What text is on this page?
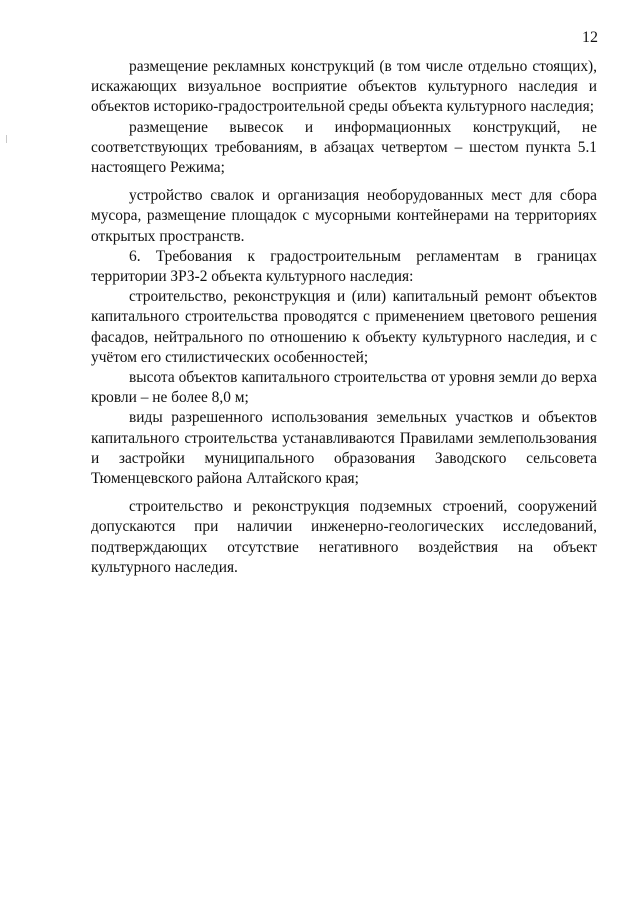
12

размещение рекламных конструкций (в том числе отдельно стоящих), искажающих визуальное восприятие объектов культурного наследия и объектов историко-градостроительной среды объекта культурного наследия;

размещение вывесок и информационных конструкций, не соответствующих требованиям, в абзацах четвертом – шестом пункта 5.1 настоящего Режима;

устройство свалок и организация необорудованных мест для сбора мусора, размещение площадок с мусорными контейнерами на территориях открытых пространств.

6. Требования к градостроительным регламентам в границах территории ЗРЗ-2 объекта культурного наследия:

строительство, реконструкция и (или) капитальный ремонт объектов капитального строительства проводятся с применением цветового решения фасадов, нейтрального по отношению к объекту культурного наследия, и с учётом его стилистических особенностей;

высота объектов капитального строительства от уровня земли до верха кровли – не более 8,0 м;

виды разрешенного использования земельных участков и объектов капитального строительства устанавливаются Правилами землепользования и застройки муниципального образования Заводского сельсовета Тюменцевского района Алтайского края;

строительство и реконструкция подземных строений, сооружений допускаются при наличии инженерно-геологических исследований, подтверждающих отсутствие негативного воздействия на объект культурного наследия.
